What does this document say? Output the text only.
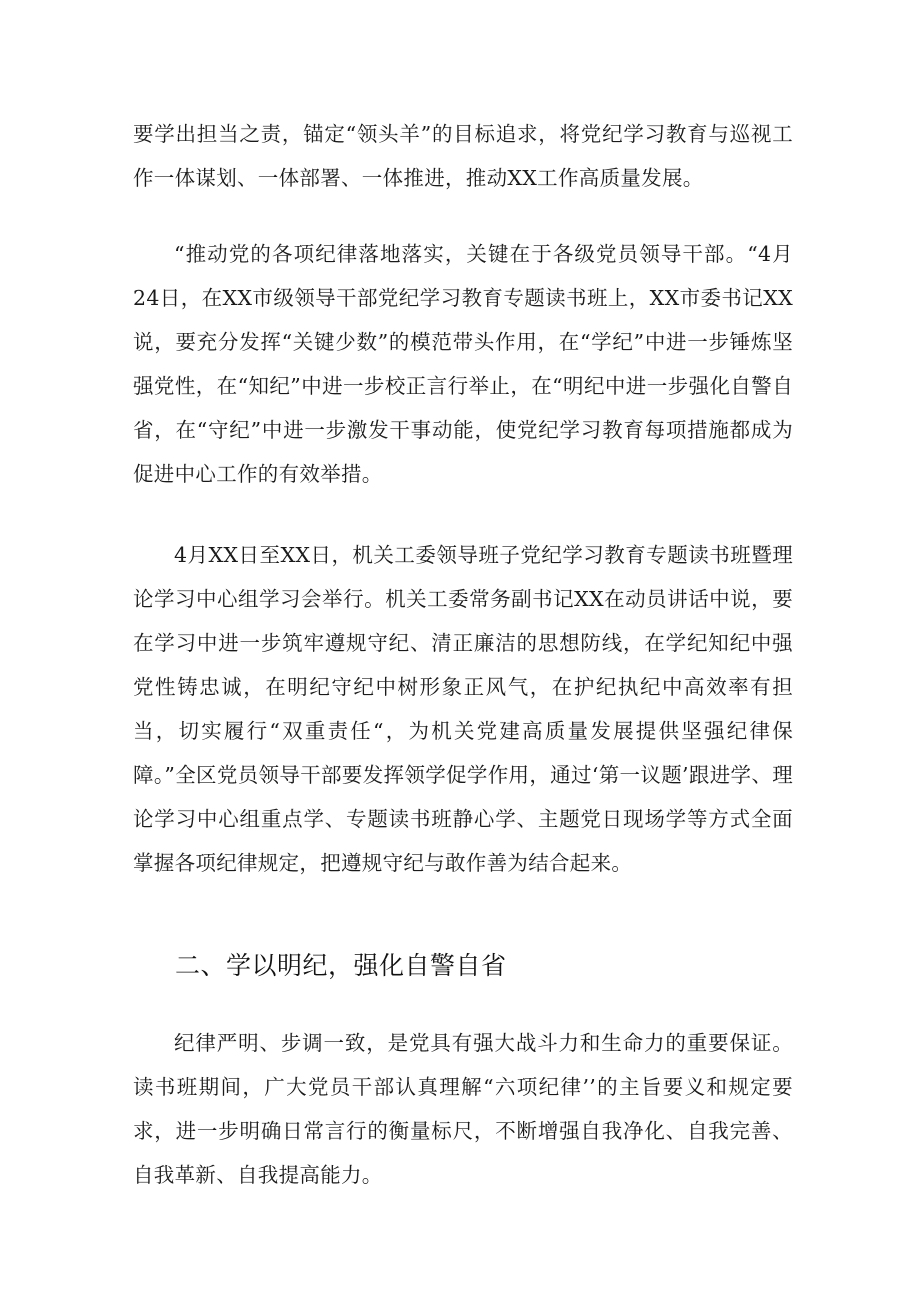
要学出担当之责，锚定“领头羊”的目标追求，将党纪学习教育与巡视工作一体谋划、一体部署、一体推进，推动XX工作高质量发展。

“推动党的各项纪律落地落实，关键在于各级党员领导干部。“4月24日，在XX市级领导干部党纪学习教育专题读书班上，XX市委书记XX说，要充分发挥“关键少数”的模范带头作用，在“学纪”中进一步锤炼坚强党性，在“知纪”中进一步校正言行举止，在“明纪中进一步强化自警自省，在“守纪”中进一步激发干事动能，使党纪学习教育每项措施都成为促进中心工作的有效举措。

4月XX日至XX日，机关工委领导班子党纪学习教育专题读书班暨理论学习中心组学习会举行。机关工委常务副书记XX在动员讲话中说，要在学习中进一步筑牢遵规守纪、清正廉洁的思想防线，在学纪知纪中强党性铸忠诚，在明纪守纪中树形象正风气，在护纪执纪中高效率有担当，切实履行“双重责任“，为机关党建高质量发展提供坚强纪律保障。”全区党员领导干部要发挥领学促学作用，通过‘第一议题’跟进学、理论学习中心组重点学、专题读书班静心学、主题党日现场学等方式全面掌握各项纪律规定，把遵规守纪与敢作善为结合起来。

二、学以明纪，强化自警自省

纪律严明、步调一致，是党具有强大战斗力和生命力的重要保证。读书班期间，广大党员干部认真理解“六项纪律’’的主旨要义和规定要求，进一步明确日常言行的衡量标尺，不断增强自我净化、自我完善、自我革新、自我提高能力。
